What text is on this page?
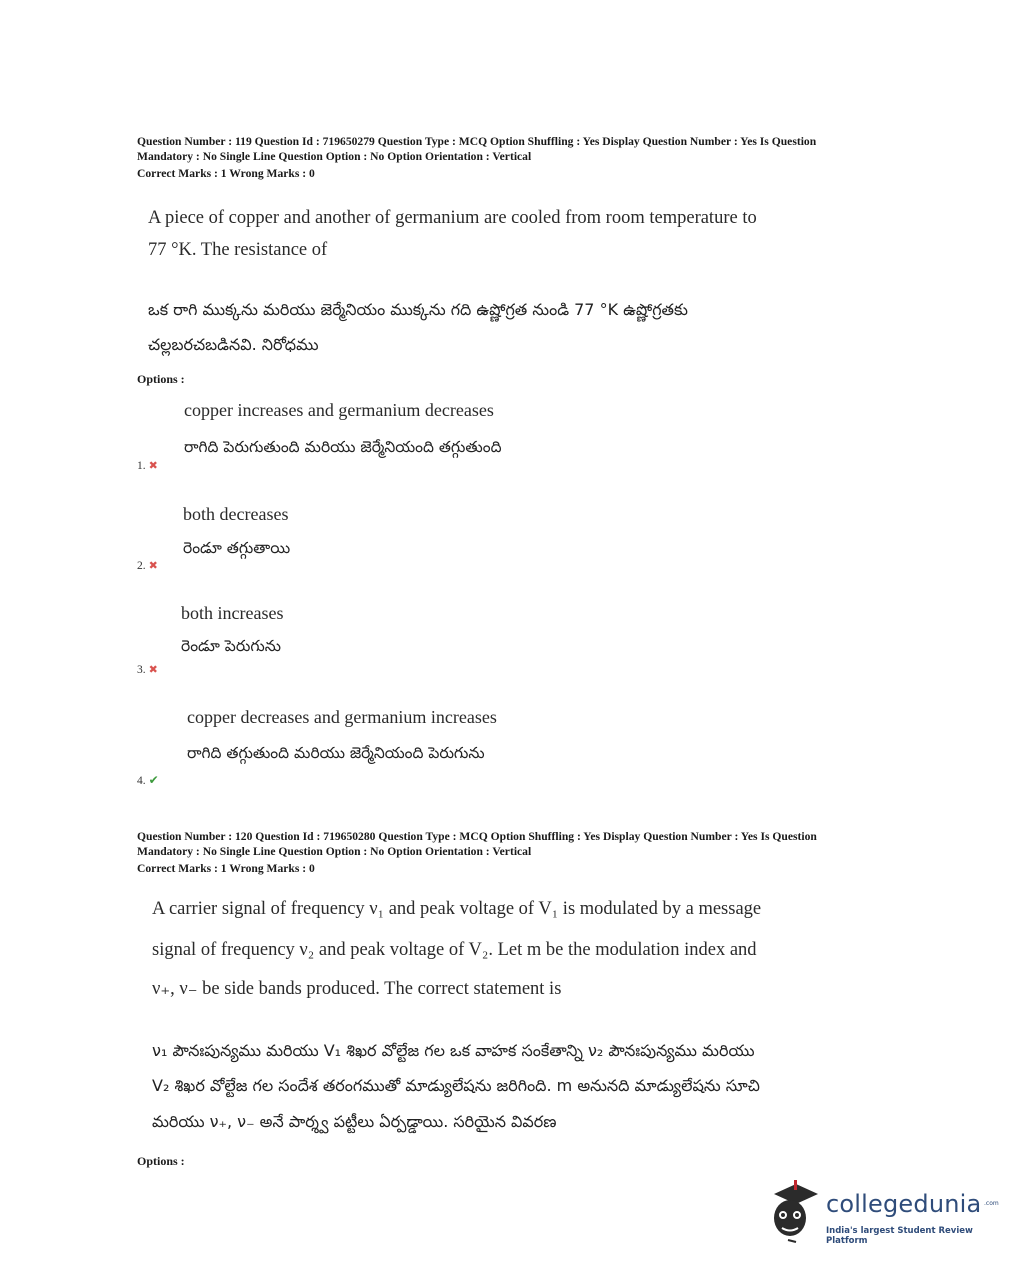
Question Number : 119 Question Id : 719650279 Question Type : MCQ Option Shuffling : Yes Display Question Number : Yes Is Question
Mandatory : No Single Line Question Option : No Option Orientation : Vertical
Correct Marks : 1 Wrong Marks : 0
A piece of copper and another of germanium are cooled from room temperature to
77 °K. The resistance of
ఒక రాగి ముక్కను మరియు జెర్మేనియం ముక్కను గది ఉష్ణోగ్రత నుండి 77 °K ఉష్ణోగ్రతకు
చల్లబరచబడినవి. నిరోధము
Options :
copper increases and germanium decreases
రాగిది పెరుగుతుంది మరియు జెర్మేనియంది తగ్గుతుంది
1. ✖
both decreases
రెండూ తగ్గుతాయి
2. ✖
both increases
రెండూ పెరుగును
3. ✖
copper decreases and germanium increases
రాగిది తగ్గుతుంది మరియు జెర్మేనియంది పెరుగును
4. ✔
Question Number : 120 Question Id : 719650280 Question Type : MCQ Option Shuffling : Yes Display Question Number : Yes Is Question
Mandatory : No Single Line Question Option : No Option Orientation : Vertical
Correct Marks : 1 Wrong Marks : 0
A carrier signal of frequency ν₁ and peak voltage of V₁ is modulated by a message
signal of frequency ν₂ and peak voltage of V₂. Let m be the modulation index and
ν₊, ν₋ be side bands produced. The correct statement is
ν₁ పౌనఃపున్యము మరియు V₁ శిఖర వోల్టేజ గల ఒక వాహక సంకేతాన్ని ν₂ పౌనఃపున్యము మరియు
V₂ శిఖర వోల్టేజ గల సందేశ తరంగముతో మాడ్యులేషను జరిగింది. m అనునది మాడ్యులేషను సూచి
మరియు ν₊, ν₋ అనే పార్శ్వ పట్టీలు ఏర్పడ్డాయి. సరియైన వివరణ
Options :
collegedunia .com
India's largest Student Review Platform
